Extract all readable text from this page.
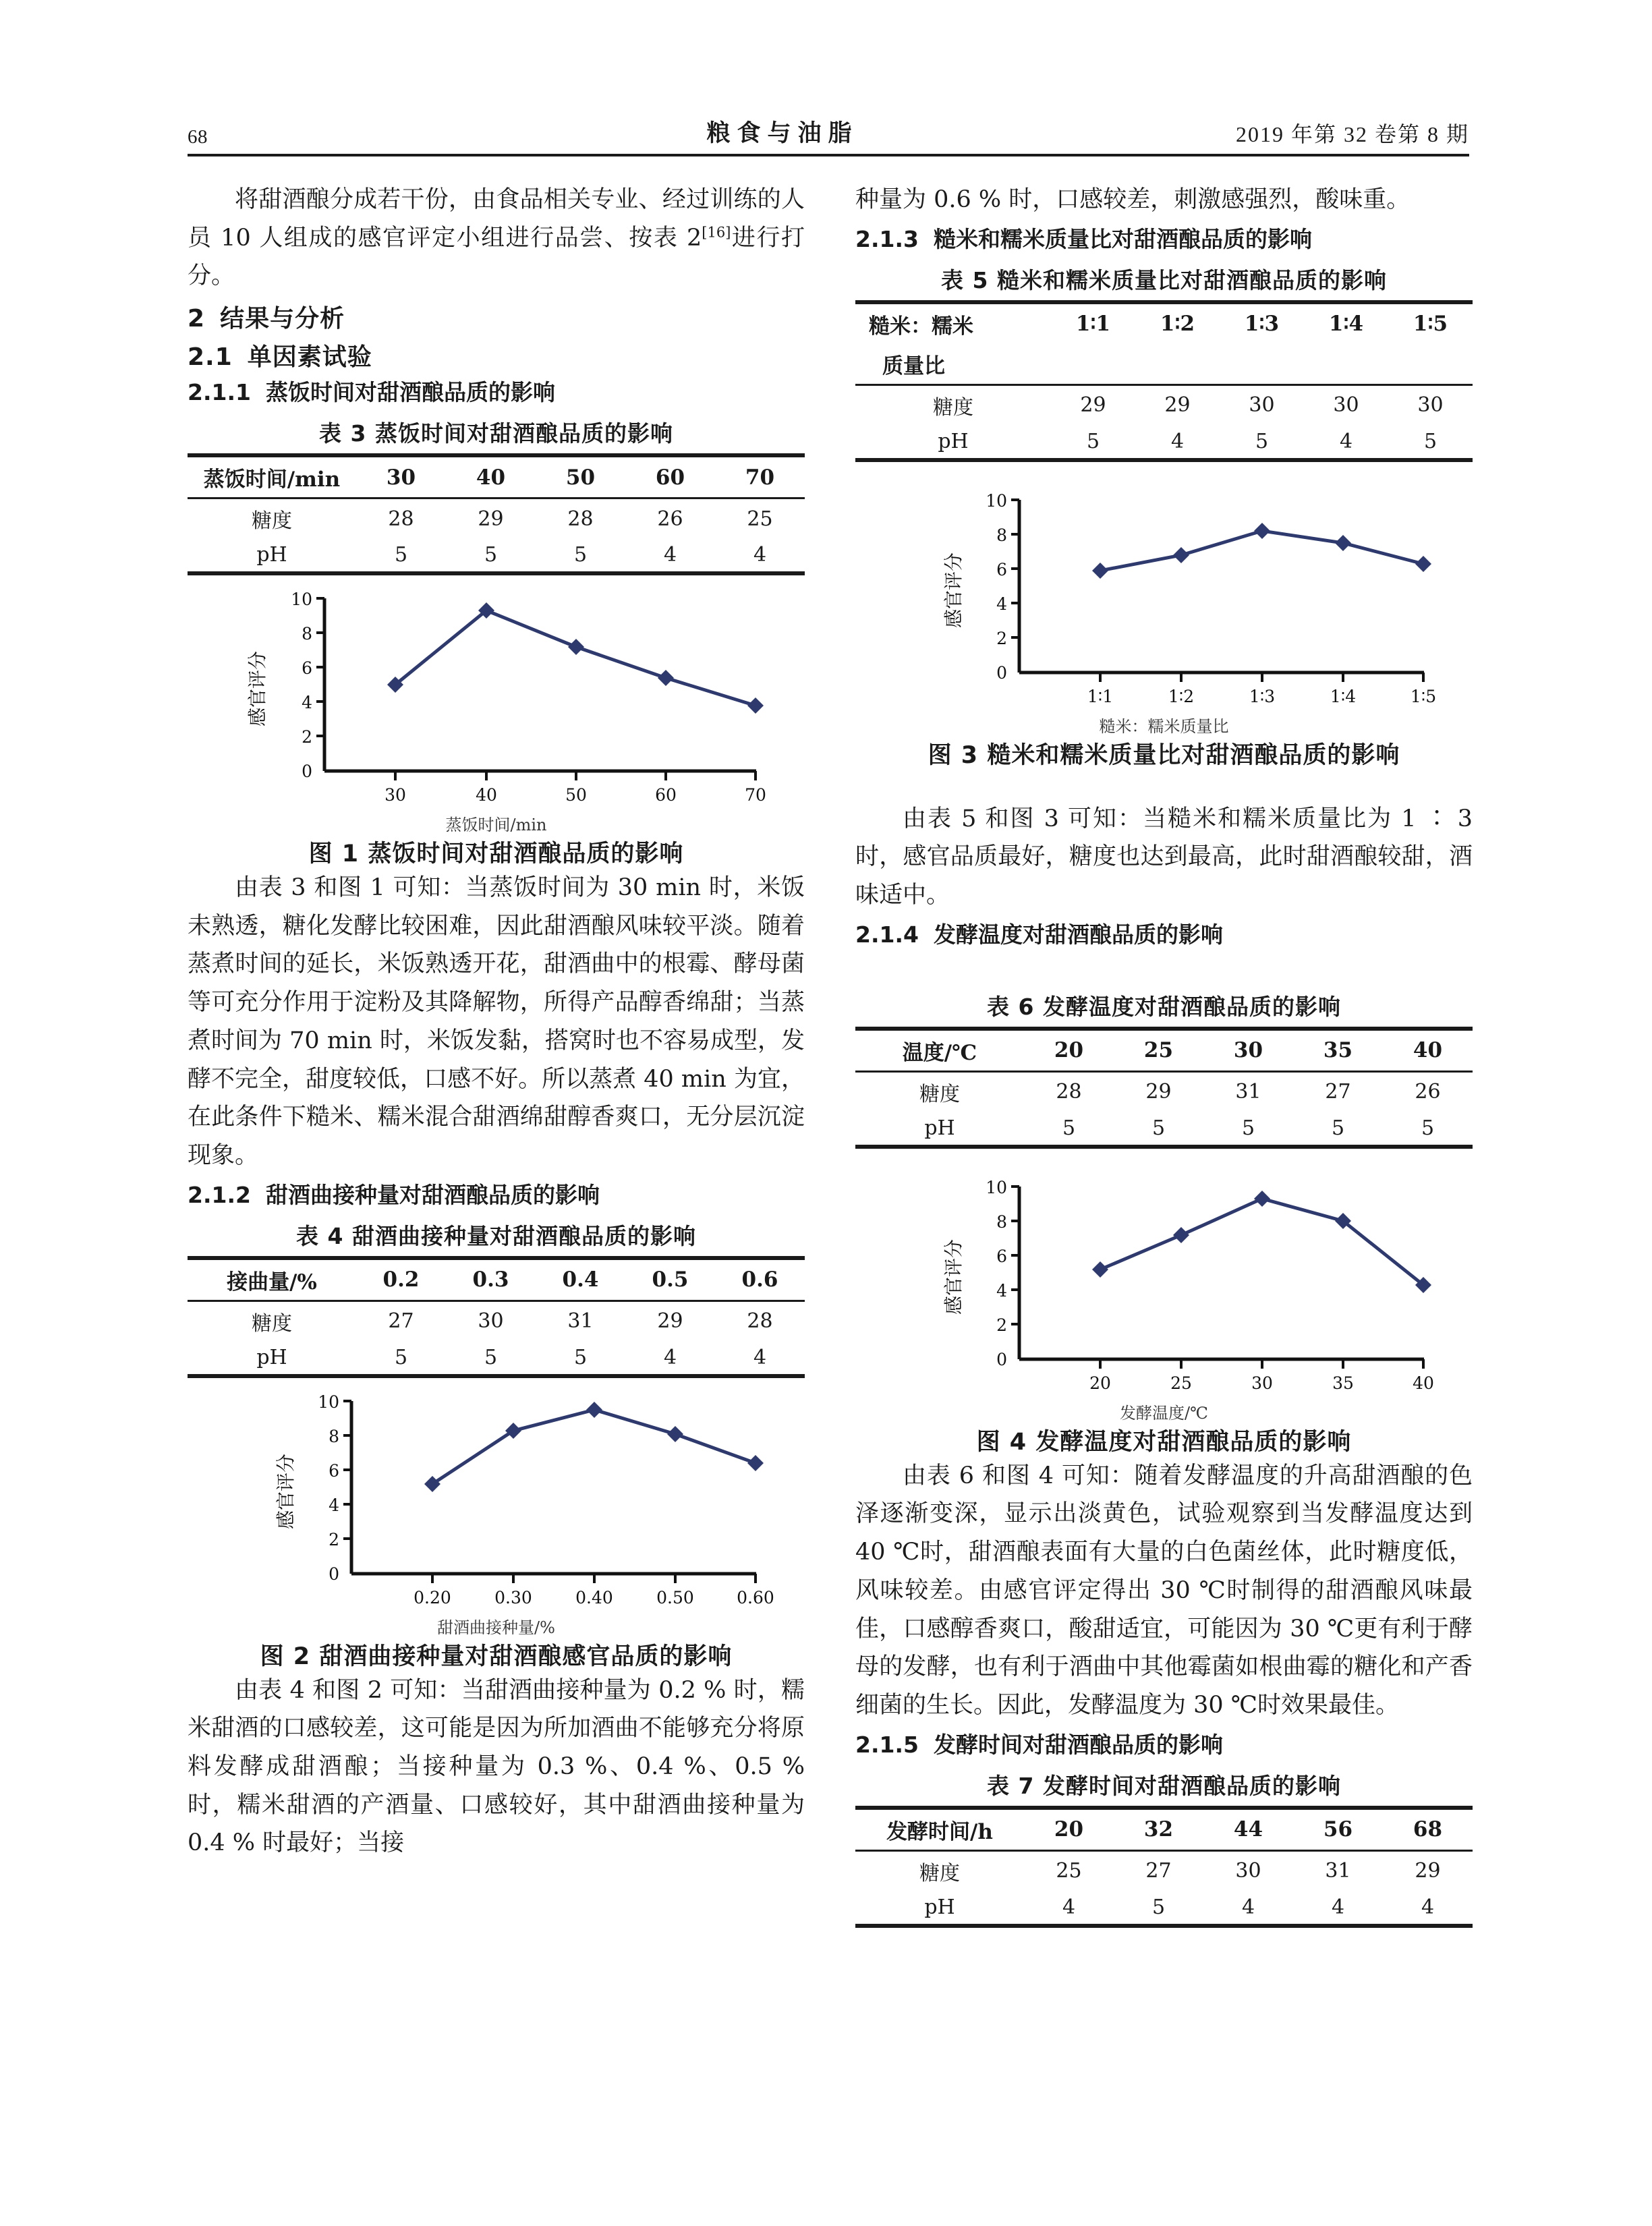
68	粮食与油脂	2019 年第 32 卷第 8 期

将甜酒酿分成若干份，由食品相关专业、经过训练的人员 10 人组成的感官评定小组进行品尝、按表 2[16]进行打分。

2 结果与分析
2.1 单因素试验
2.1.1 蒸饭时间对甜酒酿品质的影响
表 3 蒸饭时间对甜酒酿品质的影响
蒸饭时间/min	30	40	50	60	70
糖度	28	29	28	26	25
pH	5	5	5	4	4
10
8
6
4
2
0
30	40	50	60	70
感官评分
蒸饭时间/min
图 1 蒸饭时间对甜酒酿品质的影响

由表 3 和图 1 可知：当蒸饭时间为 30 min 时，米饭未熟透，糖化发酵比较困难，因此甜酒酿风味较平淡。随着蒸煮时间的延长，米饭熟透开花，甜酒曲中的根霉、酵母菌等可充分作用于淀粉及其降解物，所得产品醇香绵甜；当蒸煮时间为 70 min 时，米饭发黏，搭窝时也不容易成型，发酵不完全，甜度较低，口感不好。所以蒸煮 40 min 为宜，在此条件下糙米、糯米混合甜酒绵甜醇香爽口，无分层沉淀现象。

2.1.2 甜酒曲接种量对甜酒酿品质的影响
表 4 甜酒曲接种量对甜酒酿品质的影响
接曲量/%	0.2	0.3	0.4	0.5	0.6
糖度	27	30	31	29	28
pH	5	5	5	4	4
10
8
6
4
2
0
0.20	0.30	0.40	0.50	0.60
感官评分
甜酒曲接种量/%
图 2 甜酒曲接种量对甜酒酿感官品质的影响

由表 4 和图 2 可知：当甜酒曲接种量为 0.2 % 时，糯米甜酒的口感较差，这可能是因为所加酒曲不能够充分将原料发酵成甜酒酿；当接种量为 0.3 %、0.4 %、0.5 % 时，糯米甜酒的产酒量、口感较好，其中甜酒曲接种量为 0.4 % 时最好；当接

种量为 0.6 % 时，口感较差，刺激感强烈，酸味重。

2.1.3 糙米和糯米质量比对甜酒酿品质的影响
表 5 糙米和糯米质量比对甜酒酿品质的影响
糙米：糯米	1∶1	1∶2	1∶3	1∶4	1∶5
质量比					
糖度	29	29	30	30	30
pH	5	4	5	4	5
10
8
6
4
2
0
1∶1	1∶2	1∶3	1∶4	1∶5
感官评分
糙米：糯米质量比
图 3 糙米和糯米质量比对甜酒酿品质的影响

由表 5 和图 3 可知：当糙米和糯米质量比为 1 ∶ 3 时，感官品质最好，糖度也达到最高，此时甜酒酿较甜，酒味适中。

2.1.4 发酵温度对甜酒酿品质的影响
表 6 发酵温度对甜酒酿品质的影响
温度/℃	20	25	30	35	40
糖度	28	29	31	27	26
pH	5	5	5	5	5
10
8
6
4
2
0
20	25	30	35	40
感官评分
发酵温度/℃
图 4 发酵温度对甜酒酿品质的影响

由表 6 和图 4 可知：随着发酵温度的升高甜酒酿的色泽逐渐变深，显示出淡黄色，试验观察到当发酵温度达到 40 ℃时，甜酒酿表面有大量的白色菌丝体，此时糖度低，风味较差。由感官评定得出 30 ℃时制得的甜酒酿风味最佳，口感醇香爽口，酸甜适宜，可能因为 30 ℃更有利于酵母的发酵，也有利于酒曲中其他霉菌如根曲霉的糖化和产香细菌的生长。因此，发酵温度为 30 ℃时效果最佳。

2.1.5 发酵时间对甜酒酿品质的影响
表 7 发酵时间对甜酒酿品质的影响
发酵时间/h	20	32	44	56	68
糖度	25	27	30	31	29
pH	4	5	4	4	4
